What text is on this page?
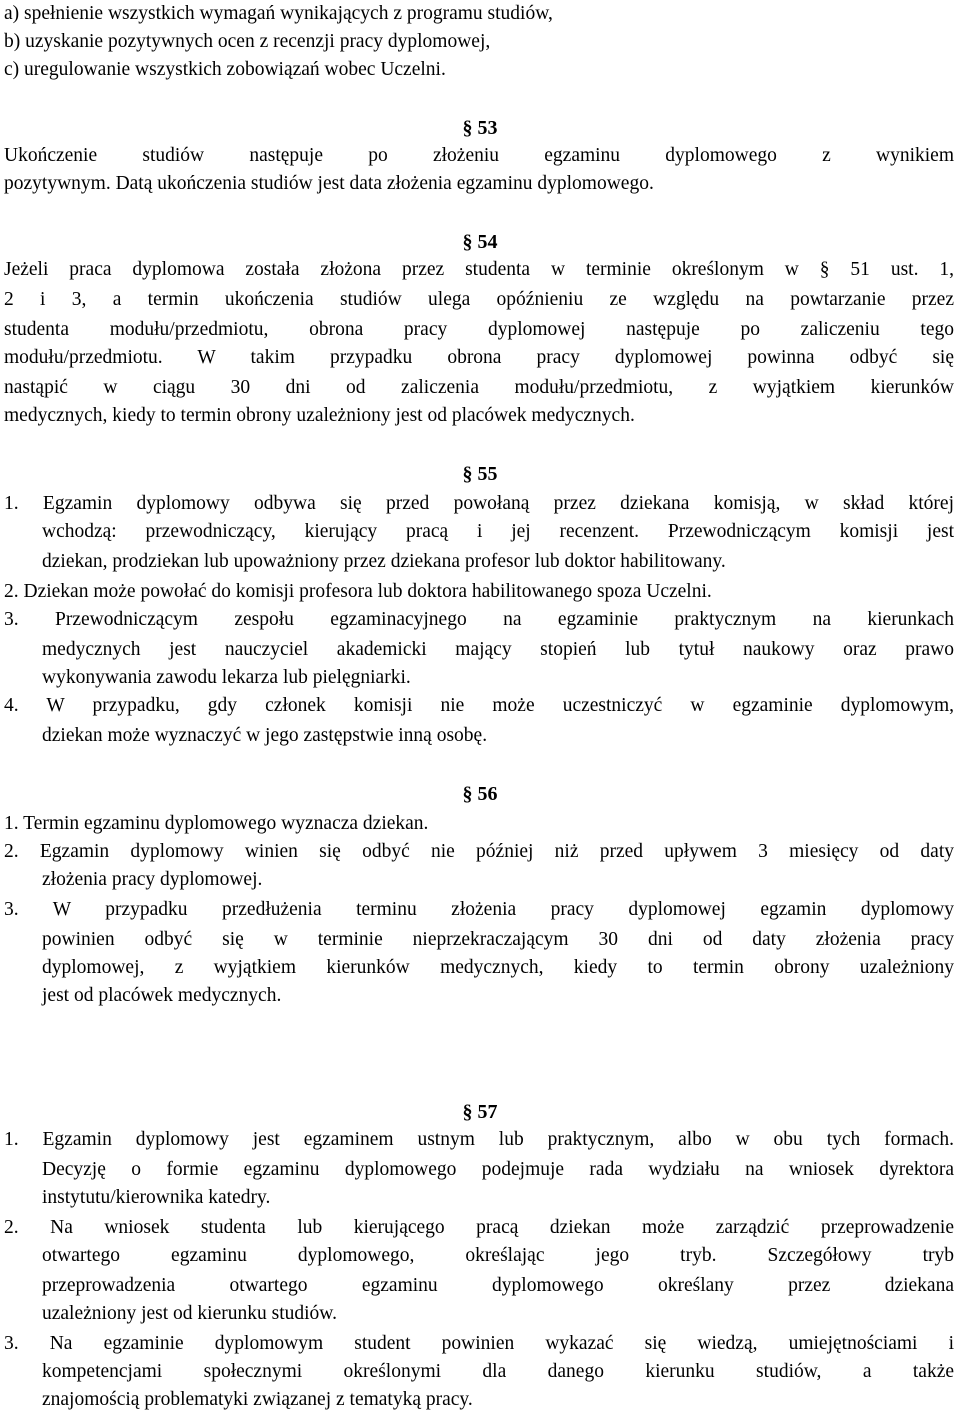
a) spełnienie wszystkich wymagań wynikających z programu studiów,
b) uzyskanie pozytywnych ocen z recenzji pracy dyplomowej,
c) uregulowanie wszystkich zobowiązań wobec Uczelni.
§ 53
Ukończenie studiów następuje po złożeniu egzaminu dyplomowego z wynikiem
pozytywnym. Datą ukończenia studiów jest data złożenia egzaminu dyplomowego.
§ 54
Jeżeli praca dyplomowa została złożona przez studenta w terminie określonym w § 51 ust. 1,
2 i 3, a termin ukończenia studiów ulega opóźnieniu ze względu na powtarzanie przez
studenta modułu/przedmiotu, obrona pracy dyplomowej następuje po zaliczeniu tego
modułu/przedmiotu. W takim przypadku obrona pracy dyplomowej powinna odbyć się
nastąpić w ciągu 30 dni od zaliczenia modułu/przedmiotu, z wyjątkiem kierunków
medycznych, kiedy to termin obrony uzależniony jest od placówek medycznych.
§ 55
1. Egzamin dyplomowy odbywa się przed powołaną przez dziekana komisją, w skład której
wchodzą: przewodniczący, kierujący pracą i jej recenzent. Przewodniczącym komisji jest
dziekan, prodziekan lub upoważniony przez dziekana profesor lub doktor habilitowany.
2. Dziekan może powołać do komisji profesora lub doktora habilitowanego spoza Uczelni.
3. Przewodniczącym zespołu egzaminacyjnego na egzaminie praktycznym na kierunkach
medycznych jest nauczyciel akademicki mający stopień lub tytuł naukowy oraz prawo
wykonywania zawodu lekarza lub pielęgniarki.
4. W przypadku, gdy członek komisji nie może uczestniczyć w egzaminie dyplomowym,
dziekan może wyznaczyć w jego zastępstwie inną osobę.
§ 56
1. Termin egzaminu dyplomowego wyznacza dziekan.
2. Egzamin dyplomowy winien się odbyć nie później niż przed upływem 3 miesięcy od daty
złożenia pracy dyplomowej.
3. W przypadku przedłużenia terminu złożenia pracy dyplomowej egzamin dyplomowy
powinien odbyć się w terminie nieprzekraczającym 30 dni od daty złożenia pracy
dyplomowej, z wyjątkiem kierunków medycznych, kiedy to termin obrony uzależniony
jest od placówek medycznych.
§ 57
1. Egzamin dyplomowy jest egzaminem ustnym lub praktycznym, albo w obu tych formach.
Decyzję o formie egzaminu dyplomowego podejmuje rada wydziału na wniosek dyrektora
instytutu/kierownika katedry.
2. Na wniosek studenta lub kierującego pracą dziekan może zarządzić przeprowadzenie
otwartego egzaminu dyplomowego, określając jego tryb. Szczegółowy tryb
przeprowadzenia otwartego egzaminu dyplomowego określany przez dziekana
uzależniony jest od kierunku studiów.
3. Na egzaminie dyplomowym student powinien wykazać się wiedzą, umiejętnościami i
kompetencjami społecznymi określonymi dla danego kierunku studiów, a także
znajomością problematyki związanej z tematyką pracy.
